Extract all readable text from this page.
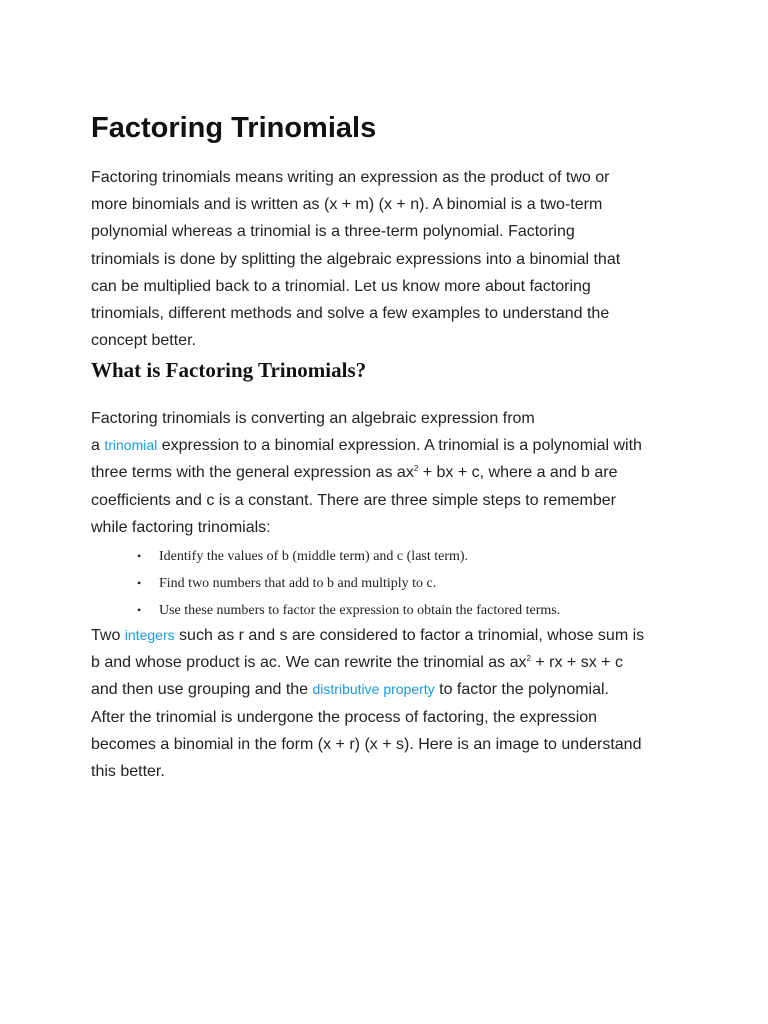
Factoring Trinomials

Factoring trinomials means writing an expression as the product of two or
more binomials and is written as (x + m) (x + n). A binomial is a two-term
polynomial whereas a trinomial is a three-term polynomial. Factoring
trinomials is done by splitting the algebraic expressions into a binomial that
can be multiplied back to a trinomial. Let us know more about factoring
trinomials, different methods and solve a few examples to understand the
concept better.

What is Factoring Trinomials?

Factoring trinomials is converting an algebraic expression from
a trinomial expression to a binomial expression. A trinomial is a polynomial with
three terms with the general expression as $ax^2$ + bx + c, where a and b are
coefficients and c is a constant. There are three simple steps to remember
while factoring trinomials:

• Identify the values of b (middle term) and c (last term).
• Find two numbers that add to b and multiply to c.
• Use these numbers to factor the expression to obtain the factored terms.

Two integers such as r and s are considered to factor a trinomial, whose sum is
b and whose product is ac. We can rewrite the trinomial as $ax^2$ + rx + sx + c
and then use grouping and the distributive property to factor the polynomial.
After the trinomial is undergone the process of factoring, the expression
becomes a binomial in the form (x + r) (x + s). Here is an image to understand
this better.
